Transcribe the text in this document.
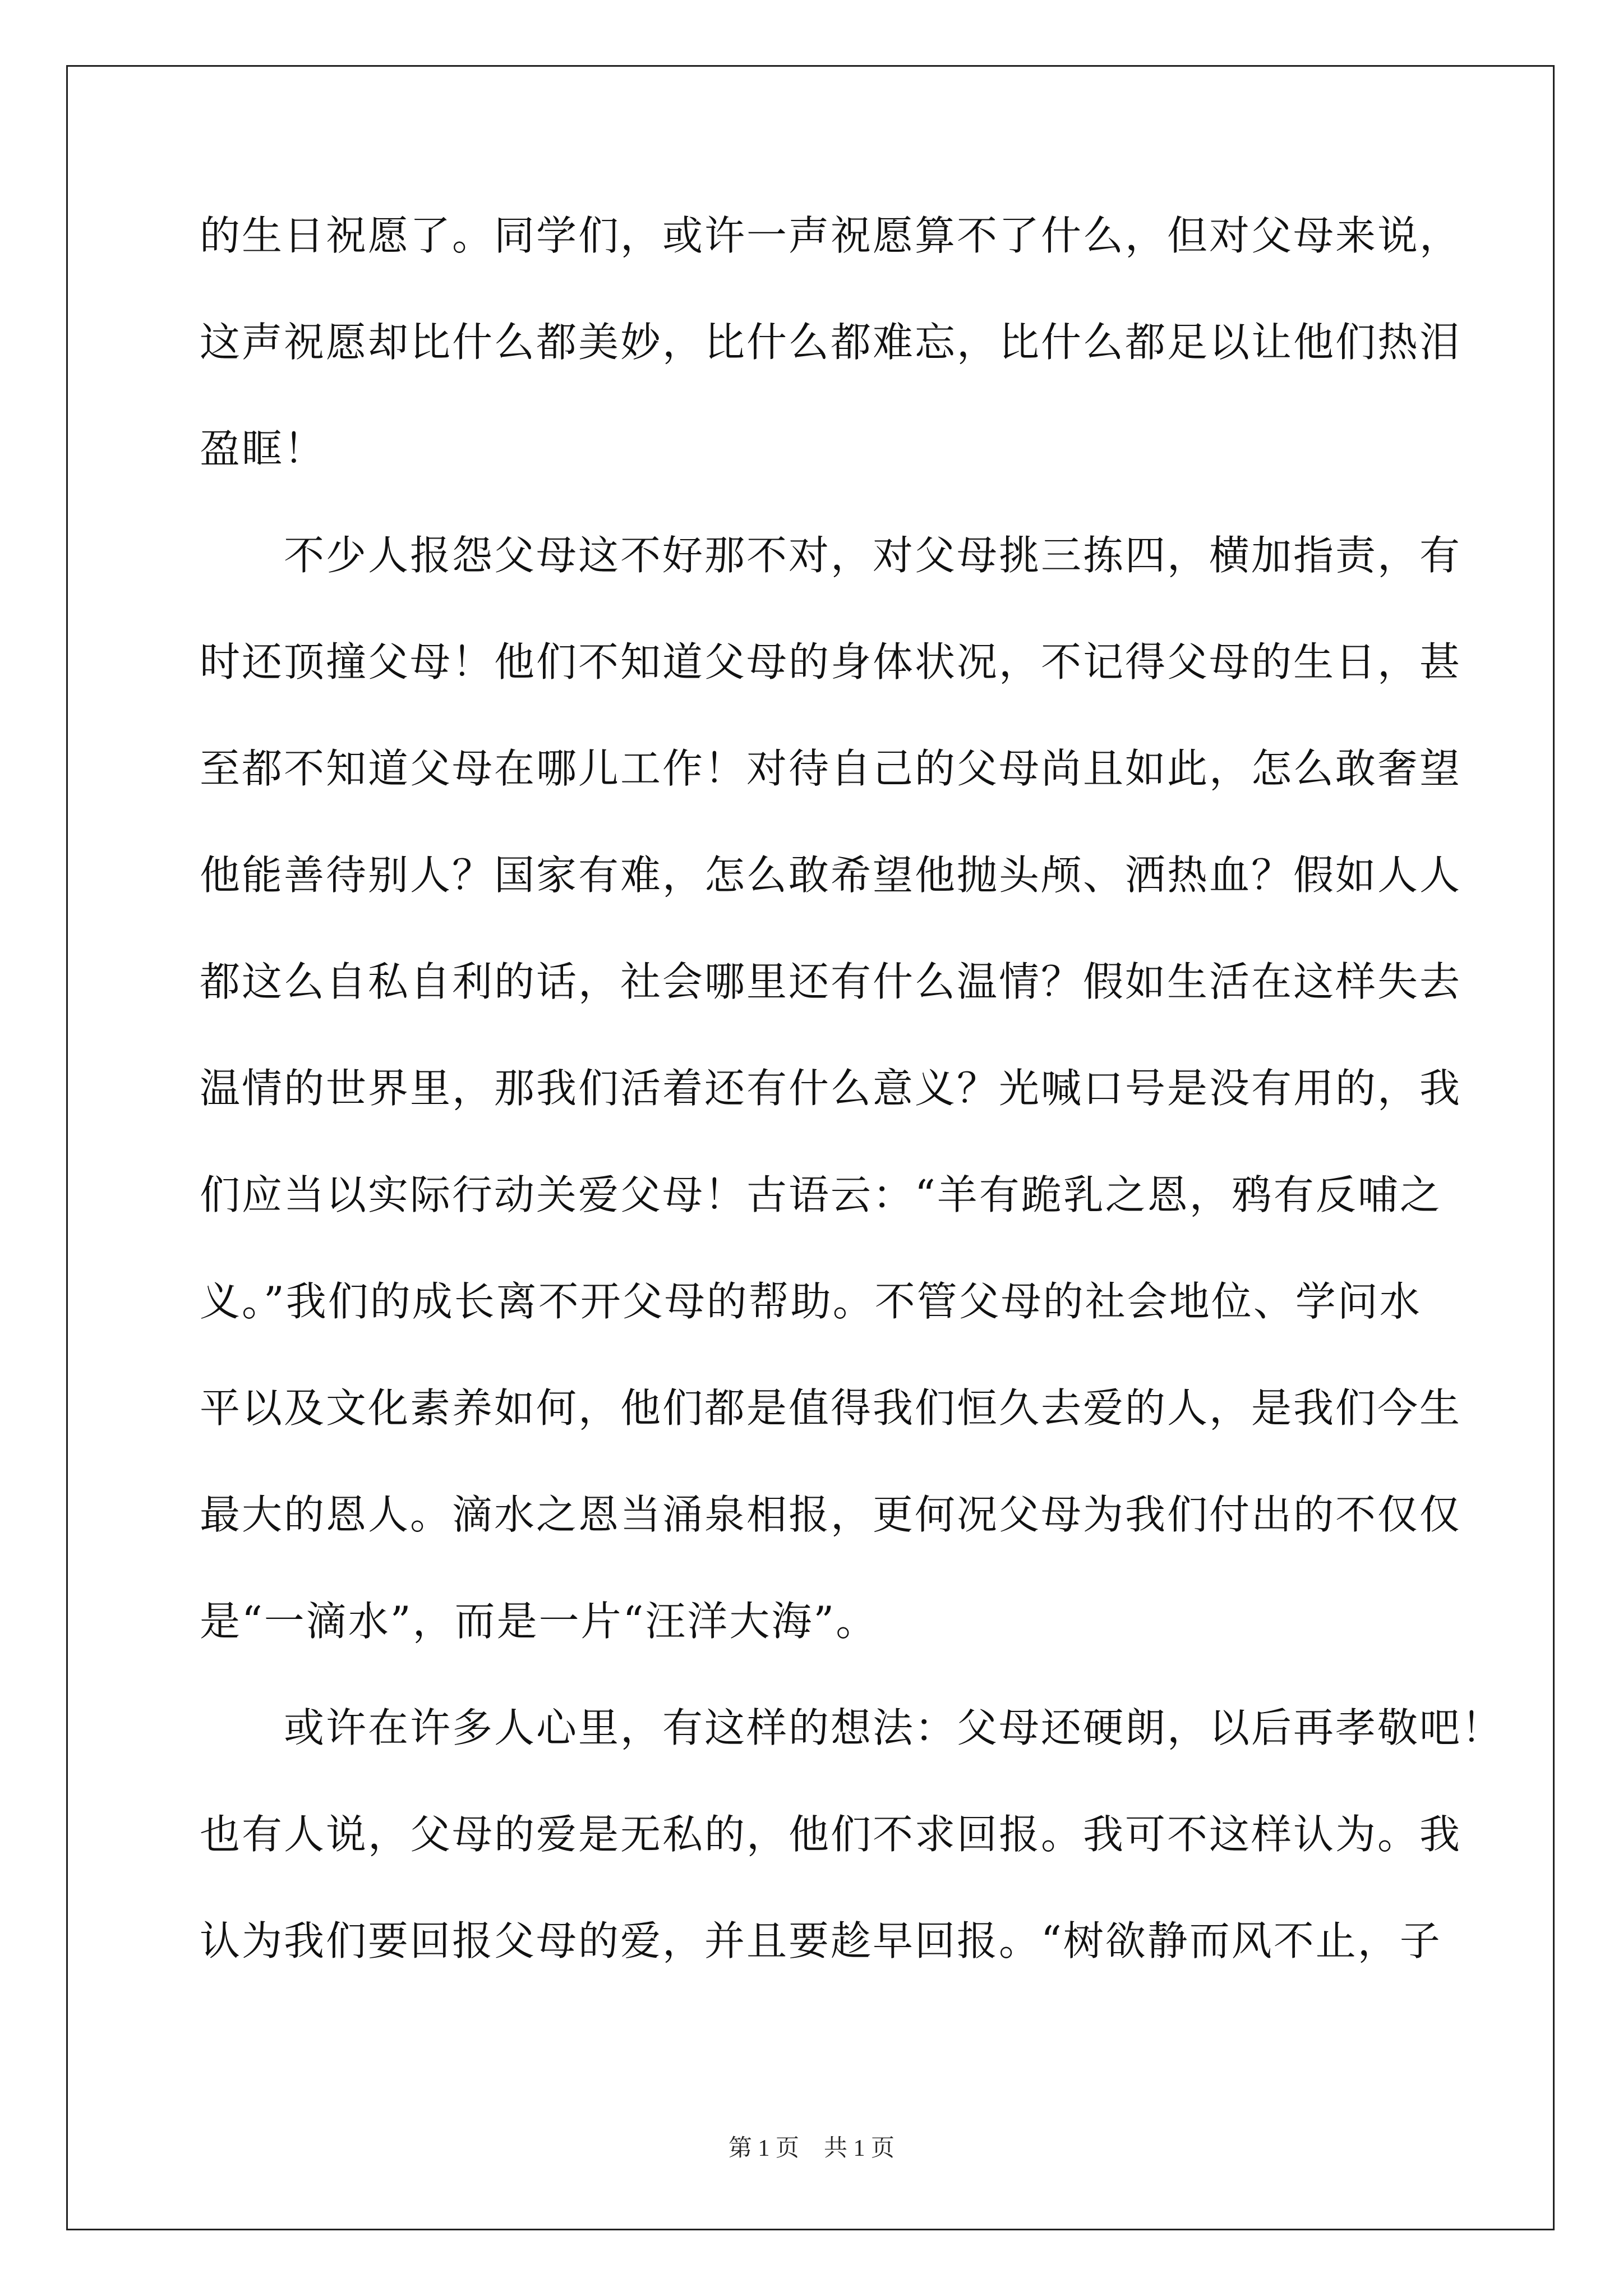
的生日祝愿了。同学们，或许一声祝愿算不了什么，但对父母来说，
这声祝愿却比什么都美妙，比什么都难忘，比什么都足以让他们热泪
盈眶！
　　不少人报怨父母这不好那不对，对父母挑三拣四，横加指责，有
时还顶撞父母！他们不知道父母的身体状况，不记得父母的生日，甚
至都不知道父母在哪儿工作！对待自己的父母尚且如此，怎么敢奢望
他能善待别人？国家有难，怎么敢希望他抛头颅、洒热血？假如人人
都这么自私自利的话，社会哪里还有什么温情？假如生活在这样失去
温情的世界里，那我们活着还有什么意义？光喊口号是没有用的，我
们应当以实际行动关爱父母！古语云：“羊有跪乳之恩，鸦有反哺之
义。”我们的成长离不开父母的帮助。不管父母的社会地位、学问水
平以及文化素养如何，他们都是值得我们恒久去爱的人，是我们今生
最大的恩人。滴水之恩当涌泉相报，更何况父母为我们付出的不仅仅
是“一滴水”，而是一片“汪洋大海”。
　　或许在许多人心里，有这样的想法：父母还硬朗，以后再孝敬吧！
也有人说，父母的爱是无私的，他们不求回报。我可不这样认为。我
认为我们要回报父母的爱，并且要趁早回报。“树欲静而风不止，子
第 1 页 共 1 页
